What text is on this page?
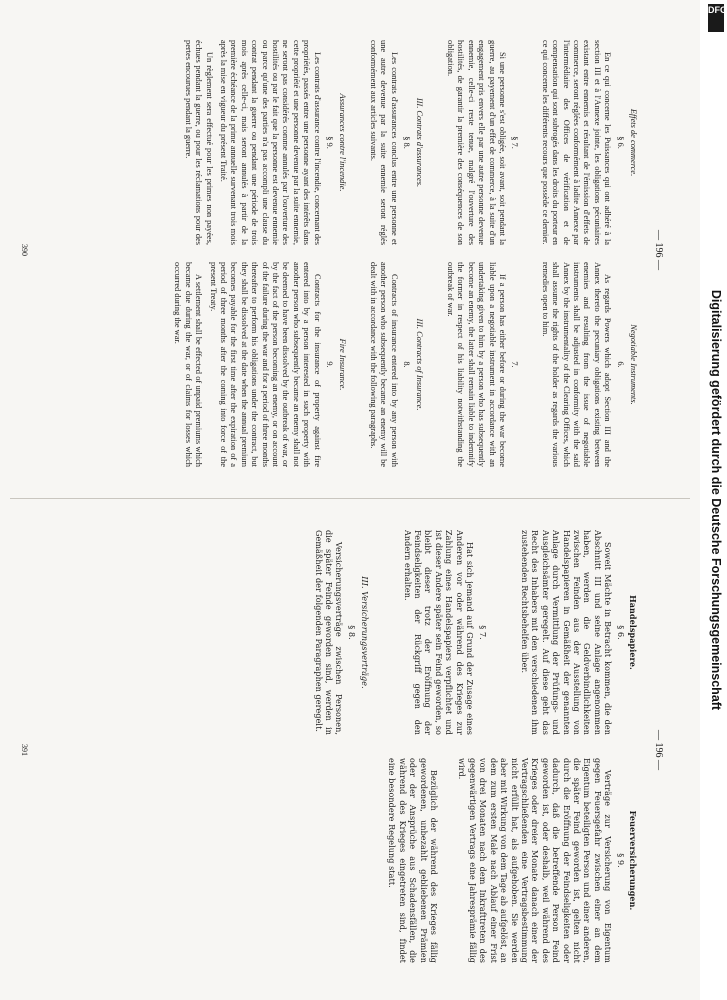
— 196 —
Effets de commerce.
§ 6.

En ce qui concerne les Puissances qui ont adhéré à la section III et à l'Annexe jointe, les obligations pécuniaires existant entre ennemis et résultant de l'émission d'effets de commerce, seront réglées conformément à ladite Annexe par l'intermédiaire des Offices de vérification et de compensation qui sont subrogés dans les droits du porteur en ce qui concerne les différents recours que possède ce dernier.

§ 7.

Si une personne s'est obligée, soit avant, soit pendant la guerre, au payement d'un effet de commerce, à la suite d'un engagement pris envers elle par une autre personne devenue ennemie, celle-ci reste tenue, malgré l'ouverture des hostilités, de garantir la première des conséquences de son obligation.

III. Contrats d'assurances.
§ 8.

Les contrats d'assurances conclus entre une personne et une autre devenue par la suite ennemie seront réglés conformément aux articles suivants.

Assurances contre l'incendie.
§ 9.

Les contrats d'assurance contre l'incendie, concernant des propriétés, passés entre une personne ayant des intérêts dans cette propriété et une personne devenue par la suite ennemie, ne seront pas considérés comme annulés par l'ouverture des hostilités ou par le fait que la personne est devenue ennemie ou parce qu'une des parties n'a pas accompli une clause du contrat pendant la guerre ou pendant une période de trois mois après celle-ci, mais seront annulés à partir de la première échéance de la prime annuelle survenant trois mois après la mise en vigueur du présent Traité.

Un règlement sera effectué pour les primes non payées, échues pendant la guerre, ou pour les réclamations pour des pertes encourues pendant la guerre.

Negotiable Instruments.
6.

As regards Powers which adopt Section III and the Annex thereto the pecuniary obligations existing between enemies and resulting from the issue of negotiable instruments shall be adjusted in conformity with the said Annex by the instrumentality of the Clearing Offices, which shall assume the rights of the holder as regards the various remedies open to him.

7.

If a person has either before or during the war become liable upon a negotiable instrument in accordance with an undertaking given to him by a person who has subsequently become an enemy, the latter shall remain liable to indemnify the former in respect of his liability notwithstanding the outbreak of war.

III. Contracts of Insurance.
8.

Contracts of insurance entered into by any person with another person who subsequently became an enemy will be dealt with in accordance with the following paragraphs.

Fire Insurance.
9.

Contracts for the insurance of property against fire entered into by a person interested in such property with another person who subsequently became an enemy shall not be deemed to have been dissolved by the outbreak of war, or by the fact of the person becoming an enemy, or on account of the failure during the war and for a period of three months thereafter to perform his obligations under the contract, but they shall be dissolved at the date when the annual premium becomes payable for the first time after the expiration of a period of three months after the coming into force of the present Treaty.

A settlement shall be effected of unpaid premiums which became due during the war, or of claims for losses which occurred during the war.

390
— 196 —
Handelspapiere.
§ 6.

Soweit Mächte in Betracht kommen, die den Abschnitt III und seine Anlage angenommen haben, werden die Geldverbindlichkeiten zwischen Feinden aus der Ausstellung von Handelspapieren in Gemäßheit der genannten Anlage durch Vermittlung der Prüfungs- und Ausgleichsämter geregelt. Auf diese geht das Recht des Inhabers mit den verschiedenen ihm zustehenden Rechtsbehelfen über.

§ 7.

Hat sich jemand auf Grund der Zusage eines Anderen vor oder während des Krieges zur Zahlung eines Handelspapiers verpflichtet und ist dieser Andere später sein Feind geworden, so bleibt dieser trotz der Eröffnung der Feindseligkeiten der Rückgriff gegen den Andern erhalten.

III. Versicherungsverträge.
§ 8.

Versicherungsverträge zwischen Personen, die später Feinde geworden sind, werden in Gemäßheit der folgenden Paragraphen geregelt.

Feuerversicherungen.
§ 9.

Verträge zur Versicherung von Eigentum gegen Feuersgefahr zwischen einer an dem Eigentum beteiligten Person und einer anderen, die später Feind geworden ist, gelten nicht durch die Eröffnung der Feindseligkeiten oder dadurch, daß die betreffende Person Feind geworden ist, oder deshalb, weil während des Krieges oder dreier Monate danach einer der Vertragschließenden eine Vertragsbestimmung nicht erfüllt hat, als aufgehoben. Sie werden aber mit Wirkung von dem Tage ab aufgelöst, an dem zum ersten Male nach Ablauf einer Frist von drei Monaten nach dem Inkrafttreten des gegenwärtigen Vertrags eine Jahresprämie fällig wird.

Bezüglich der während des Krieges fällig gewordenen, unbezahlt gebliebenen Prämien oder der Ansprüche aus Schadensfällen, die während des Krieges eingetreten sind, findet eine besondere Regelung statt.

391
DFG
Digitalisierung gefördert durch die Deutsche Forschungsgemeinschaft
